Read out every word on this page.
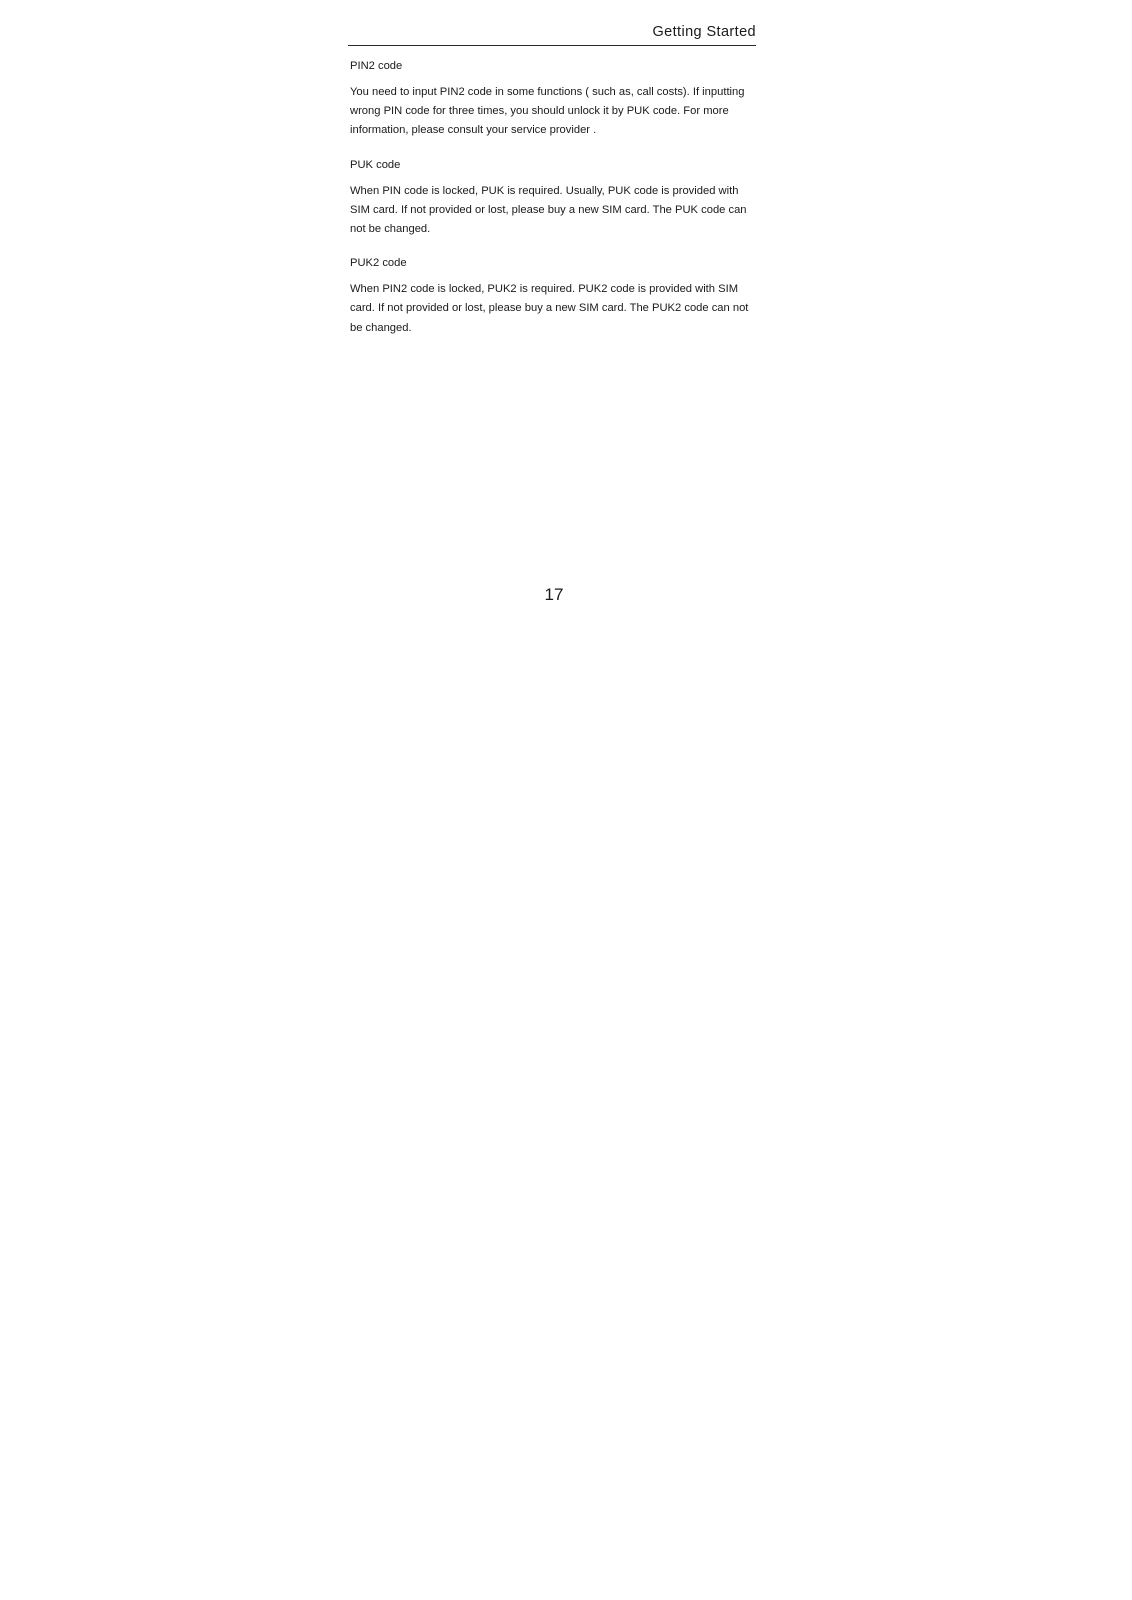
Getting Started

PIN2 code

You need to input PIN2 code in some functions ( such as, call costs). If inputting wrong PIN code for three times, you should unlock it by PUK code. For more information, please consult your service provider .

PUK code

When PIN code is locked, PUK is required. Usually, PUK code is provided with SIM card. If not provided or lost, please buy a new SIM card. The PUK code can not be changed.

PUK2 code

When PIN2 code is locked, PUK2 is required. PUK2 code is provided with SIM card. If not provided or lost, please buy a new SIM card. The PUK2 code can not be changed.

17
